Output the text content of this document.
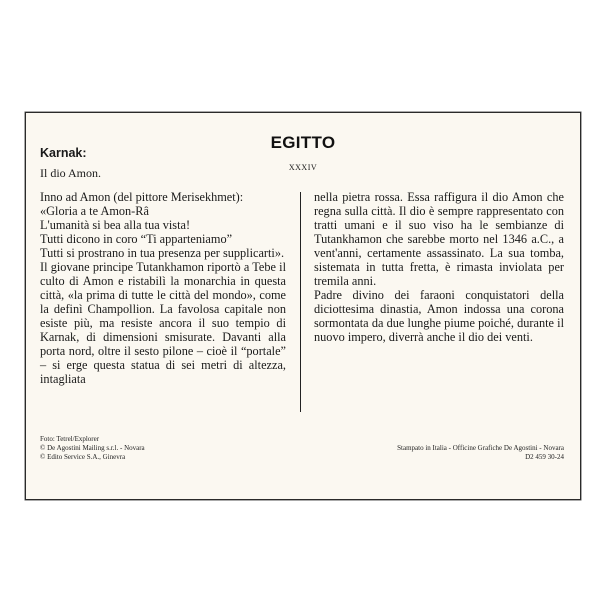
EGITTO
XXXIV

Karnak:

Il dio Amon.

Inno ad Amon (del pittore Merisekhmet):

«Gloria a te Amon-Râ

L'umanità si bea alla tua vista!

Tutti dicono in coro “Ti apparteniamo”

Tutti si prostrano in tua presenza per supplicarti».

Il giovane principe Tutankhamon riportò a Tebe il culto di Amon e ristabilì la monarchia in questa città, «la prima di tutte le città del mondo», come la definì Champollion. La favolosa capitale non esiste più, ma resiste ancora il suo tempio di Karnak, di dimensioni smisurate. Davanti alla porta nord, oltre il sesto pilone – cioè il “portale” – si erge questa statua di sei metri di altezza, intagliata

nella pietra rossa. Essa raffigura il dio Amon che regna sulla città. Il dio è sempre rappresentato con tratti umani e il suo viso ha le sembianze di Tutankhamon che sarebbe morto nel 1346 a.C., a vent'anni, certamente assassinato. La sua tomba, sistemata in tutta fretta, è rimasta inviolata per tremila anni.

Padre divino dei faraoni conquistatori della diciottesima dinastia, Amon indossa una corona sormontata da due lunghe piume poiché, durante il nuovo impero, diverrà anche il dio dei venti.

Foto: Tetrel/Explorer
© De Agostini Mailing s.r.l. - Novara
© Edito Service S.A., Ginevra
Stampato in Italia - Officine Grafiche De Agostini - Novara
D2 459 30-24
